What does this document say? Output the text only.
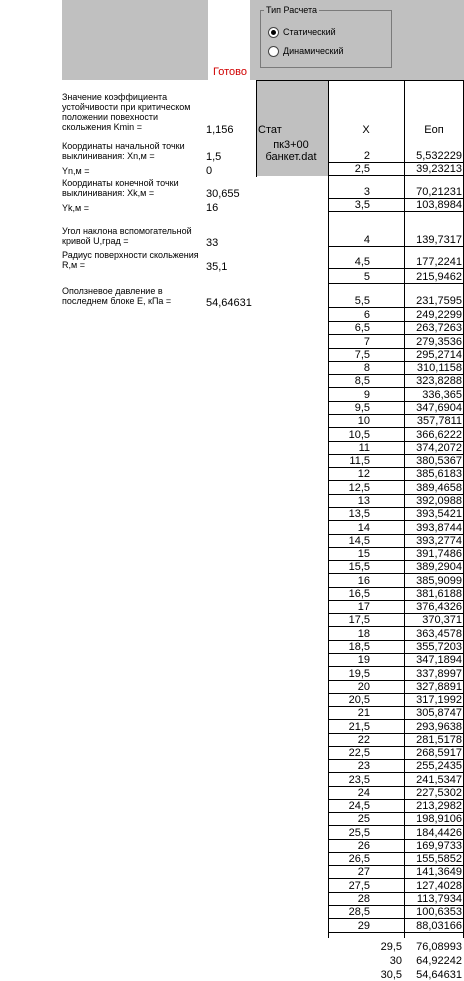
Готово
Тип Расчета
Статический
Динамический
Значение коэффициента устойчивости при критическом положении повехности скольжения Kmin =	1,156
Координаты начальной точки выклинивания: Хn,м =	1,5
Yn,м =	0
Координаты конечной точки выклинивания: Xk,м =	30,655
Yk,м =	16
Угол наклона вспомогательной кривой U,град =	33
Радиус поверхности скольжения R,м =	35,1
Оползневое давление в последнем блоке E, кПа =	54,64631
Стат
пк3+00 банкет.dat
X	Eоп
2	5,532229
2,5	39,23213
3	70,21231
3,5	103,8984
4	139,7317
4,5	177,2241
5	215,9462
5,5	231,7595
6	249,2299
6,5	263,7263
7	279,3536
7,5	295,2714
8	310,1158
8,5	323,8288
9	336,365
9,5	347,6904
10	357,7811
10,5	366,6222
11	374,2072
11,5	380,5367
12	385,6183
12,5	389,4658
13	392,0988
13,5	393,5421
14	393,8744
14,5	393,2774
15	391,7486
15,5	389,2904
16	385,9099
16,5	381,6188
17	376,4326
17,5	370,371
18	363,4578
18,5	355,7203
19	347,1894
19,5	337,8997
20	327,8891
20,5	317,1992
21	305,8747
21,5	293,9638
22	281,5178
22,5	268,5917
23	255,2435
23,5	241,5347
24	227,5302
24,5	213,2982
25	198,9106
25,5	184,4426
26	169,9733
26,5	155,5852
27	141,3649
27,5	127,4028
28	113,7934
28,5	100,6353
29	88,03166
29,5	76,08993
30	64,92242
30,5	54,64631
